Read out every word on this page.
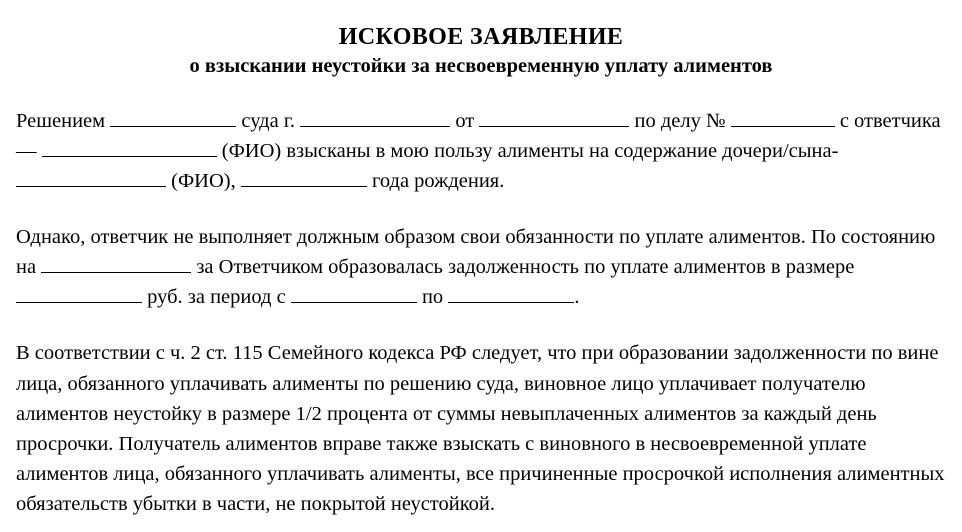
ИСКОВОЕ ЗАЯВЛЕНИЕ
о взыскании неустойки за несвоевременную уплату алиментов

Решением	суда г.	от	по делу №	с ответчика —	(ФИО) взысканы в мою пользу алименты на содержание дочери/сына-  (ФИО),	года рождения.

Однако, ответчик не выполняет должным образом свои обязанности по уплате алиментов. По состоянию на	за Ответчиком образовалась задолженность по уплате алиментов в размере  руб. за период с	по	.

В соответствии с ч. 2 ст. 115 Семейного кодекса РФ следует, что при образовании задолженности по вине лица, обязанного уплачивать алименты по решению суда, виновное лицо уплачивает получателю алиментов неустойку в размере 1/2 процента от суммы невыплаченных алиментов за каждый день просрочки. Получатель алиментов вправе также взыскать с виновного в несвоевременной уплате алиментов лица, обязанного уплачивать алименты, все причиненные просрочкой исполнения алиментных обязательств убытки в части, не покрытой неустойкой.
